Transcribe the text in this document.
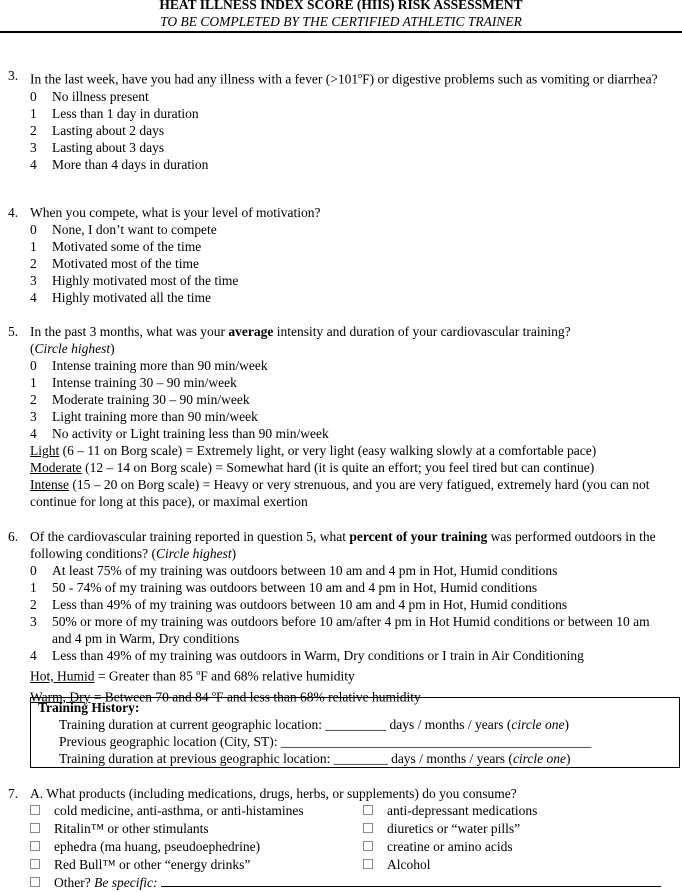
HEAT ILLNESS INDEX SCORE (HIIS) RISK ASSESSMENT
TO BE COMPLETED BY THE CERTIFIED ATHLETIC TRAINER
3. In the last week, have you had any illness with a fever $(>101^oF)$ or digestive problems such as vomiting or diarrhea?
0	No illness present
1	Less than 1 day in duration
2	Lasting about 2 days
3	Lasting about 3 days
4	More than 4 days in duration
4. When you compete, what is your level of motivation?
0	None, I don’t want to compete
1	Motivated some of the time
2	Motivated most of the time
3	Highly motivated most of the time
4	Highly motivated all the time
5. In the past 3 months, what was your average intensity and duration of your cardiovascular training?
(Circle highest)
0	Intense training more than 90 min/week
1	Intense training 30 – 90 min/week
2	Moderate training 30 – 90 min/week
3	Light training more than 90 min/week
4	No activity or Light training less than 90 min/week
Light (6 – 11 on Borg scale) = Extremely light, or very light (easy walking slowly at a comfortable pace)
Moderate (12 – 14 on Borg scale) = Somewhat hard (it is quite an effort; you feel tired but can continue)
Intense (15 – 20 on Borg scale) = Heavy or very strenuous, and you are very fatigued, extremely hard (you can not continue for long at this pace), or maximal exertion
6. Of the cardiovascular training reported in question 5, what percent of your training was performed outdoors in the following conditions? (Circle highest)
0	At least 75% of my training was outdoors between 10 am and 4 pm in Hot, Humid conditions
1	50 - 74% of my training was outdoors between 10 am and 4 pm in Hot, Humid conditions
2	Less than 49% of my training was outdoors between 10 am and 4 pm in Hot, Humid conditions
3	50% or more of my training was outdoors before 10 am/after 4 pm in Hot Humid conditions or between 10 am and 4 pm in Warm, Dry conditions
4	Less than 49% of my training was outdoors in Warm, Dry conditions or I train in Air Conditioning
Hot, Humid = Greater than 85 $^o$F and 68% relative humidity
Warm, Dry = Between 70 and 84 $^o$F and less than 68% relative humidity
Training History:
Training duration at current geographic location: _________ days / months / years (circle one)
Previous geographic location (City, ST): ______________________________________________
Training duration at previous geographic location: ________ days / months / years (circle one)
7. A. What products (including medications, drugs, herbs, or supplements) do you consume?
cold medicine, anti-asthma, or anti-histamines	anti-depressant medications
Ritalin™ or other stimulants	diuretics or “water pills”
ephedra (ma huang, pseudoephedrine)	creatine or amino acids
Red Bull™ or other “energy drinks”	Alcohol
Other? Be specific:
